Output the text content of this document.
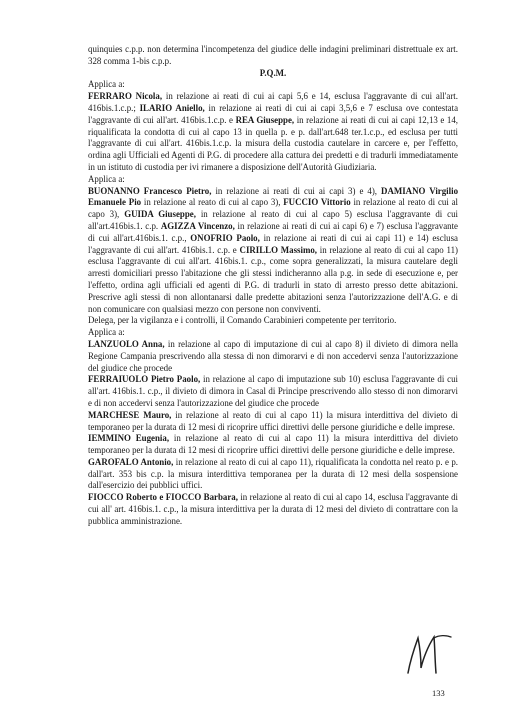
quinquies c.p.p. non determina l'incompetenza del giudice delle indagini preliminari distrettuale ex art. 328 comma 1-bis c.p.p.

P.Q.M.

Applica a:

FERRARO Nicola, in relazione ai reati di cui ai capi 5,6 e 14, esclusa l'aggravante di cui all'art. 416bis.1.c.p.; ILARIO Aniello, in relazione ai reati di cui ai capi 3,5,6 e 7 esclusa ove contestata l'aggravante di cui all'art. 416bis.1.c.p. e REA Giuseppe, in relazione ai reati di cui ai capi 12,13 e 14, riqualificata la condotta di cui al capo 13 in quella p. e p. dall'art.648 ter.1.c.p., ed esclusa per tutti l'aggravante di cui all'art. 416bis.1.c.p. la misura della custodia cautelare in carcere e, per l'effetto, ordina agli Ufficiali ed Agenti di P.G. di procedere alla cattura dei predetti e di tradurli immediatamente in un istituto di custodia per ivi rimanere a disposizione dell'Autorità Giudiziaria.

Applica a:

BUONANNO Francesco Pietro, in relazione ai reati di cui ai capi 3) e 4), DAMIANO Virgilio Emanuele Pio in relazione al reato di cui al capo 3), FUCCIO Vittorio in relazione al reato di cui al capo 3), GUIDA Giuseppe, in relazione al reato di cui al capo 5) esclusa l'aggravante di cui all'art.416bis.1. c.p. AGIZZA Vincenzo, in relazione ai reati di cui ai capi 6) e 7) esclusa l'aggravante di cui all'art.416bis.1. c.p., ONOFRIO Paolo, in relazione ai reati di cui ai capi 11) e 14) esclusa l'aggravante di cui all'art. 416bis.1. c.p. e CIRILLO Massimo, in relazione al reato di cui al capo 11) esclusa l'aggravante di cui all'art. 416bis.1. c.p., come sopra generalizzati, la misura cautelare degli arresti domiciliari presso l'abitazione che gli stessi indicheranno alla p.g. in sede di esecuzione e, per l'effetto, ordina agli ufficiali ed agenti di P.G. di tradurli in stato di arresto presso dette abitazioni. Prescrive agli stessi di non allontanarsi dalle predette abitazioni senza l'autorizzazione dell'A.G. e di non comunicare con qualsiasi mezzo con persone non conviventi.

Delega, per la vigilanza e i controlli, il Comando Carabinieri competente per territorio.

Applica a:

LANZUOLO Anna, in relazione al capo di imputazione di cui al capo 8) il divieto di dimora nella Regione Campania prescrivendo alla stessa di non dimorarvi e di non accedervi senza l'autorizzazione del giudice che procede

FERRAIUOLO Pietro Paolo, in relazione al capo di imputazione sub 10) esclusa l'aggravante di cui all'art. 416bis.1. c.p., il divieto di dimora in Casal di Principe prescrivendo allo stesso di non dimorarvi e di non accedervi senza l'autorizzazione del giudice che procede

MARCHESE Mauro, in relazione al reato di cui al capo 11) la misura interdittiva del divieto di temporaneo per la durata di 12 mesi di ricoprire uffici direttivi delle persone giuridiche e delle imprese.

IEMMINO Eugenia, in relazione al reato di cui al capo 11) la misura interdittiva del divieto temporaneo per la durata di 12 mesi di ricoprire uffici direttivi delle persone giuridiche e delle imprese.

GAROFALO Antonio, in relazione al reato di cui al capo 11), riqualificata la condotta nel reato p. e p. dall'art. 353 bis c.p. la misura interdittiva temporanea per la durata di 12 mesi della sospensione dall'esercizio dei pubblici uffici.

FIOCCO Roberto e FIOCCO Barbara, in relazione al reato di cui al capo 14, esclusa l'aggravante di cui all' art. 416bis.1. c.p., la misura interdittiva per la durata di 12 mesi del divieto di contrattare con la pubblica amministrazione.

133
